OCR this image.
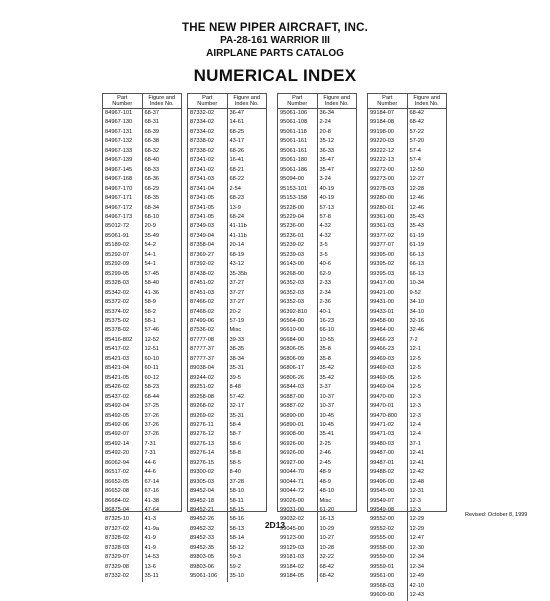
THE NEW PIPER AIRCRAFT, INC.
PA-28-161 WARRIOR III
AIRPLANE PARTS CATALOG
NUMERICAL INDEX
Part
Number	Figure and
Index No.
84967-101	68-37
84967-130	68-31
84967-131	68-39
84967-132	68-38
84967-133	68-32
84967-139	68-40
84967-145	68-33
84967-168	68-36
84967-170	68-29
84967-171	68-35
84967-172	68-34
84967-173	68-10
85012-72	20-9
85061-91	35-49
85189-02	54-2
85292-07	54-1
85292-09	54-1
85299-05	57-45
85328-03	58-40
85342-02	41-36
85372-02	58-9
85374-02	58-2
85375-02	58-1
85378-02	57-46
85416-802	12-52
85417-02	12-51
85421-03	60-10
85421-04	60-11
85421-05	60-12
85426-02	58-23
85437-02	68-44
85492-04	37-25
85492-05	37-26
85492-06	37-26
85492-07	37-26
85492-14	7-31
85492-20	7-31
86062-94	44-6
86517-02	44-6
86652-05	67-14
86652-08	67-16
86684-02	41-38
86875-04	47-64
87325-10	41-3
87327-02	41-9a
87328-02	41-9
87328-03	41-9
87329-07	14-53
87329-08	13-6
87332-02	35-11
Part
Number	Figure and
Index No.
87332-02	36-47
87334-02	14-61
87334-02	68-25
87338-02	43-17
87338-02	68-26
87341-02	16-41
87341-02	68-21
87341-03	68-22
87341-04	2-54
87341-05	68-23
87341-05	13-9
87341-05	68-24
87349-03	41-11b
87349-04	41-11b
87358-04	20-14
87369-27	68-19
87392-02	43-12
87438-02	35-35b
87451-02	37-27
87451-03	37-27
87466-02	37-27
87468-02	20-2
87499-06	57-19
87536-02	Misc
87777-08	39-33
87777-37	38-35
87777-37	38-34
89038-04	35-31
89244-02	39-5
89251-02	8-48
89258-08	57-42
89268-02	32-17
89269-02	35-31
89276-11	58-4
89276-12	58-7
89276-13	58-6
89276-14	58-8
89276-15	58-5
89300-02	8-40
89305-03	37-28
89452-04	58-10
89452-18	58-11
89452-21	58-15
89452-26	58-16
89452-32	58-13
89452-33	58-14
89452-35	58-12
89803-05	59-3
89803-06	59-2
95061-106	35-10
Part
Number	Figure and
Index No.
95061-106	36-34
95061-108	2-24
95061-118	20-8
95061-161	35-12
95061-161	36-33
95061-180	35-47
95061-186	35-47
95094-00	3-24
95153-101	40-19
95153-158	40-19
95228-00	57-13
95229-04	57-8
95236-00	4-32
95236-01	4-32
95239-02	3-5
95239-03	3-5
96143-00	40-6
96268-00	62-9
96352-03	2-33
96352-03	2-34
96352-03	2-36
96392-810	40-1
96564-00	16-23
96610-00	66-10
96684-00	10-55
96806-05	35-8
96806-09	35-8
96806-17	35-42
96806-26	35-42
96844-03	3-37
96887-00	10-37
96887-02	10-37
96890-00	10-45
96890-01	10-45
96908-00	35-41
96926-00	2-25
96926-00	2-46
96927-00	2-45
90044-70	48-9
90044-71	48-9
90044-72	48-10
99026-00	Misc
99031-00	61-20
99032-02	16-13
99045-00	10-29
99123-00	10-27
99129-03	10-28
99181-03	32-22
99184-02	68-42
99184-05	68-42
Part
Number	Figure and
Index No.
99184-07	68-42
99184-08	68-42
99198-00	57-22
99220-03	57-20
99222-12	57-4
99222-13	57-4
99272-00	12-50
99273-00	12-27
99278-03	12-28
99280-00	12-46
99280-01	12-46
99361-00	35-43
99361-03	35-43
99377-02	61-19
99377-07	61-19
99395-00	66-13
99395-02	66-13
99395-03	66-13
99417-00	10-34
99421-00	9-52
99431-00	34-10
99433-01	34-10
99458-00	32-16
99464-00	32-46
99466-23	7-2
99466-23	12-1
99469-03	12-5
99469-03	12-5
99469-05	12-5
99469-04	12-5
99470-00	12-3
99470-01	12-3
99470-800	12-3
99471-02	12-4
99471-03	12-4
99480-03	37-1
99487-00	12-41
99487-01	12-41
99488-02	12-42
99496-00	12-48
99545-00	12-31
99549-07	12-3
99549-08	12-3
99552-00	12-29
99552-02	12-29
99555-00	12-47
99558-00	12-30
99559-00	12-34
99559-01	12-34
99561-00	12-49
99568-03	42-10
99609-00	12-43
Revised: October 8, 1999
2D13
